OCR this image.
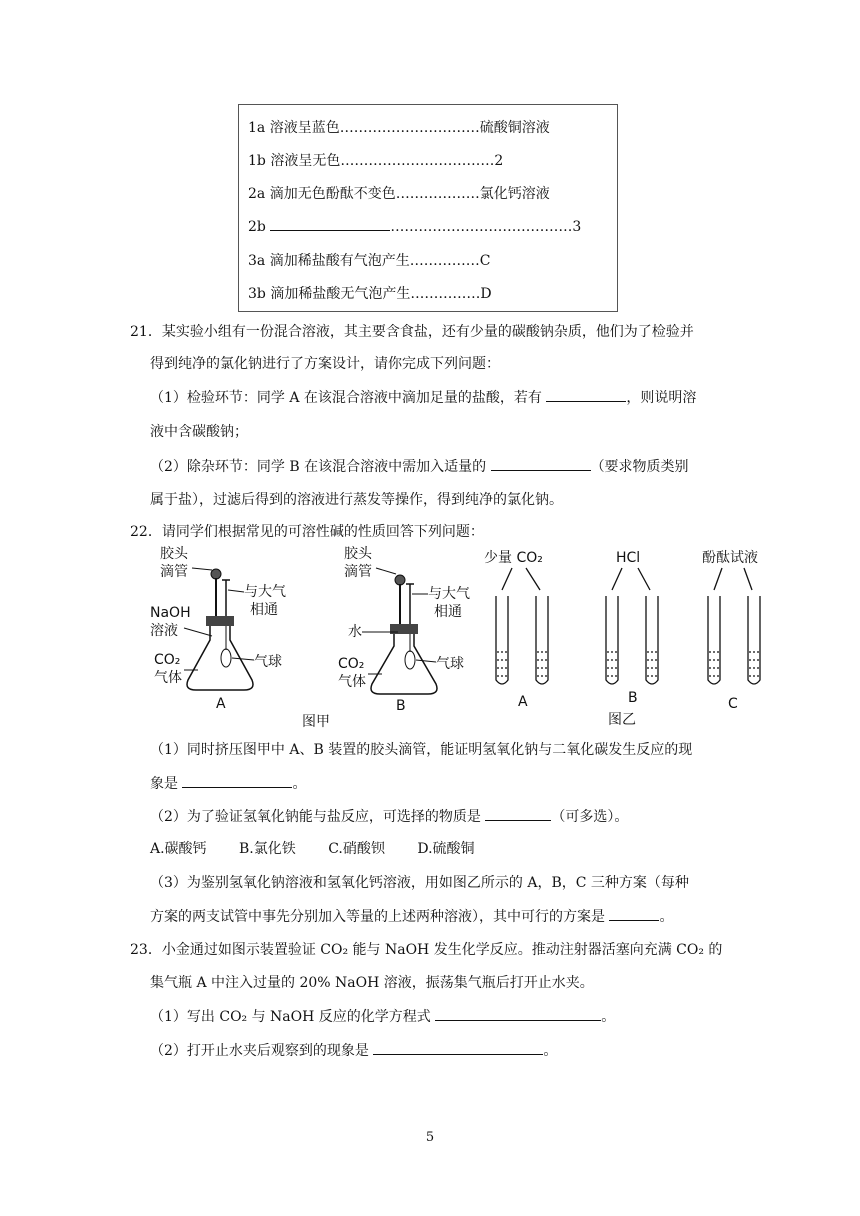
1a 溶液呈蓝色…………………………硫酸铜溶液
1b 溶液呈无色……………………………2
2a 滴加无色酚酞不变色………………氯化钙溶液
2b	…………………………………3
3a 滴加稀盐酸有气泡产生……………C
3b 滴加稀盐酸无气泡产生……………D
21．某实验小组有一份混合溶液，其主要含食盐，还有少量的碳酸钠杂质，他们为了检验并
得到纯净的氯化钠进行了方案设计，请你完成下列问题：
（1）检验环节：同学 A 在该混合溶液中滴加足量的盐酸，若有	，则说明溶
液中含碳酸钠；
（2）除杂环节：同学 B 在该混合溶液中需加入适量的	（要求物质类别
属于盐），过滤后得到的溶液进行蒸发等操作，得到纯净的氯化钠。
22．请同学们根据常见的可溶性碱的性质回答下列问题：
胶头
滴管
与大气
相通
NaOH
溶液
CO₂
气体
气球
A
胶头
滴管
与大气
相通
水
CO₂
气体
气球
B
图甲
少量 CO₂
A
HCl
B
酚酞试液
C
图乙
（1）同时挤压图甲中 A、B 装置的胶头滴管，能证明氢氧化钠与二氧化碳发生反应的现
象是	。
（2）为了验证氢氧化钠能与盐反应，可选择的物质是	（可多选）。
A.碳酸钙 B.氯化铁 C.硝酸钡 D.硫酸铜
（3）为鉴别氢氧化钠溶液和氢氧化钙溶液，用如图乙所示的 A，B，C 三种方案（每种
方案的两支试管中事先分别加入等量的上述两种溶液），其中可行的方案是	。
23．小金通过如图示装置验证 CO₂ 能与 NaOH 发生化学反应。推动注射器活塞向充满 CO₂ 的
集气瓶 A 中注入过量的 20% NaOH 溶液，振荡集气瓶后打开止水夹。
（1）写出 CO₂ 与 NaOH 反应的化学方程式	。
（2）打开止水夹后观察到的现象是	。
5
